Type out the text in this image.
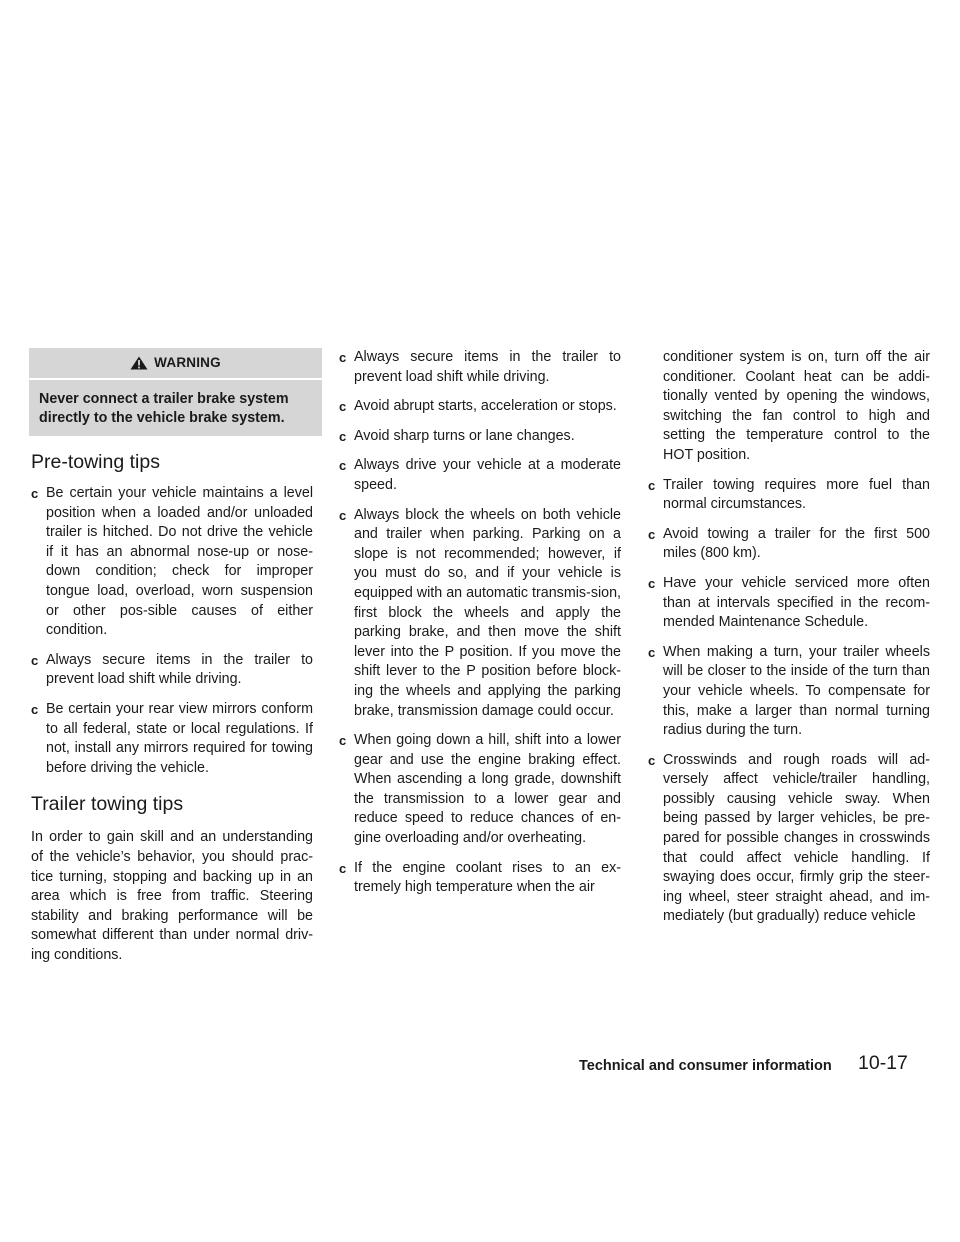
WARNING
Never connect a trailer brake system directly to the vehicle brake system.
Pre-towing tips
c Be certain your vehicle maintains a level position when a loaded and/or unloaded trailer is hitched. Do not drive the vehicle if it has an abnormal nose-up or nose- down condition; check for improper tongue load, overload, worn suspension or other pos-sible causes of either condition.
c Always secure items in the trailer to prevent load shift while driving.
c Be certain your rear view mirrors conform to all federal, state or local regulations. If not, install any mirrors required for towing before driving the vehicle.
Trailer towing tips

In order to gain skill and an understanding of the vehicle’s behavior, you should prac-tice turning, stopping and backing up in an area which is free from traffic. Steering stability and braking performance will be somewhat different than under normal driv-ing conditions.

c Always secure items in the trailer to prevent load shift while driving.
c Avoid abrupt starts, acceleration or stops.
c Avoid sharp turns or lane changes.
c Always drive your vehicle at a moderate speed.
c Always block the wheels on both vehicle and trailer when parking. Parking on a slope is not recommended; however, if you must do so, and if your vehicle is equipped with an automatic transmis-sion, first block the wheels and apply the parking brake, and then move the shift lever into the P position. If you move the shift lever to the P position before block-ing the wheels and applying the parking brake, transmission damage could occur.
c When going down a hill, shift into a lower gear and use the engine braking effect. When ascending a long grade, downshift the transmission to a lower gear and reduce speed to reduce chances of en-gine overloading and/or overheating.
c If the engine coolant rises to an ex-tremely high temperature when the air

conditioner system is on, turn off the air conditioner. Coolant heat can be addi-tionally vented by opening the windows, switching the fan control to high and setting the temperature control to the HOT position.

c Trailer towing requires more fuel than normal circumstances.
c Avoid towing a trailer for the first 500 miles (800 km).
c Have your vehicle serviced more often than at intervals specified in the recom-mended Maintenance Schedule.
c When making a turn, your trailer wheels will be closer to the inside of the turn than your vehicle wheels. To compensate for this, make a larger than normal turning radius during the turn.
c Crosswinds and rough roads will ad-versely affect vehicle/trailer handling, possibly causing vehicle sway. When being passed by larger vehicles, be pre-pared for possible changes in crosswinds that could affect vehicle handling. If swaying does occur, firmly grip the steer-ing wheel, steer straight ahead, and im-mediately (but gradually) reduce vehicle
Technical and consumer information 10-17
